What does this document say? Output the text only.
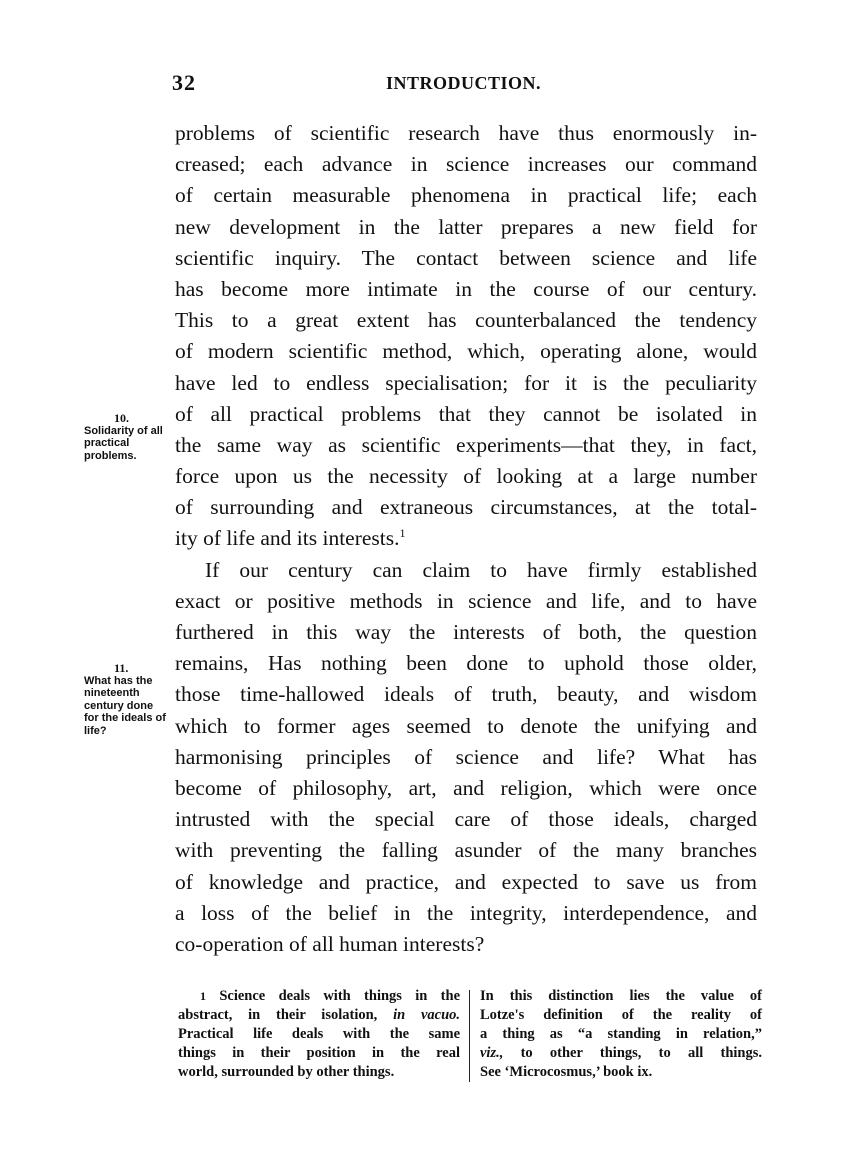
32	INTRODUCTION.
10.
Solidarity of all practical problems.
11.
What has the nineteenth century done for the ideals of life?
problems of scientific research have thus enormously in-
creased; each advance in science increases our command
of certain measurable phenomena in practical life; each
new development in the latter prepares a new field for
scientific inquiry. The contact between science and life
has become more intimate in the course of our century.
This to a great extent has counterbalanced the tendency
of modern scientific method, which, operating alone, would
have led to endless specialisation; for it is the peculiarity
of all practical problems that they cannot be isolated in
the same way as scientific experiments—that they, in fact,
force upon us the necessity of looking at a large number
of surrounding and extraneous circumstances, at the total-
ity of life and its interests.$^1$
If our century can claim to have firmly established
exact or positive methods in science and life, and to have
furthered in this way the interests of both, the question
remains, Has nothing been done to uphold those older,
those time-hallowed ideals of truth, beauty, and wisdom
which to former ages seemed to denote the unifying and
harmonising principles of science and life? What has
become of philosophy, art, and religion, which were once
intrusted with the special care of those ideals, charged
with preventing the falling asunder of the many branches
of knowledge and practice, and expected to save us from
a loss of the belief in the integrity, interdependence, and
co-operation of all human interests?
$^1$ Science deals with things in the
abstract, in their isolation, in vacuo.
Practical life deals with the same
things in their position in the real
world, surrounded by other things.
In this distinction lies the value of
Lotze's definition of the reality of
a thing as “a standing in relation,”
viz., to other things, to all things.
See ‘Microcosmus,’ book ix.
